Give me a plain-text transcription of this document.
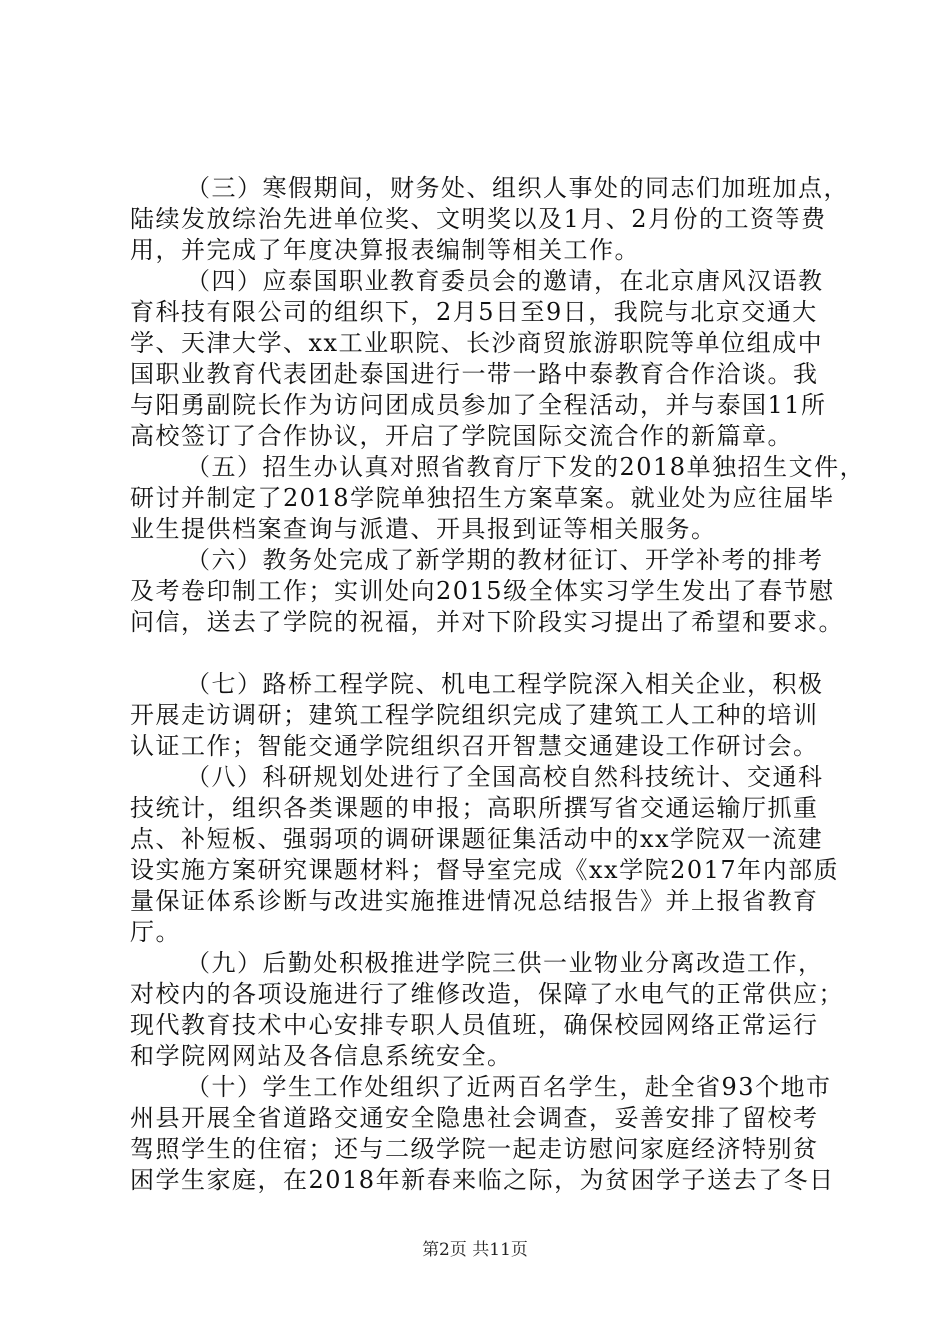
（三）寒假期间，财务处、组织人事处的同志们加班加点，
陆续发放综治先进单位奖、文明奖以及1月、2月份的工资等费
用，并完成了年度决算报表编制等相关工作。
（四）应泰国职业教育委员会的邀请，在北京唐风汉语教
育科技有限公司的组织下，2月5日至9日，我院与北京交通大
学、天津大学、xx工业职院、长沙商贸旅游职院等单位组成中
国职业教育代表团赴泰国进行一带一路中泰教育合作洽谈。我
与阳勇副院长作为访问团成员参加了全程活动，并与泰国11所
高校签订了合作协议，开启了学院国际交流合作的新篇章。
（五）招生办认真对照省教育厅下发的2018单独招生文件，
研讨并制定了2018学院单独招生方案草案。就业处为应往届毕
业生提供档案查询与派遣、开具报到证等相关服务。
（六）教务处完成了新学期的教材征订、开学补考的排考
及考卷印制工作；实训处向2015级全体实习学生发出了春节慰
问信，送去了学院的祝福，并对下阶段实习提出了希望和要求。
（七）路桥工程学院、机电工程学院深入相关企业，积极
开展走访调研；建筑工程学院组织完成了建筑工人工种的培训
认证工作；智能交通学院组织召开智慧交通建设工作研讨会。
（八）科研规划处进行了全国高校自然科技统计、交通科
技统计，组织各类课题的申报；高职所撰写省交通运输厅抓重
点、补短板、强弱项的调研课题征集活动中的xx学院双一流建
设实施方案研究课题材料；督导室完成《xx学院2017年内部质
量保证体系诊断与改进实施推进情况总结报告》并上报省教育
厅。
（九）后勤处积极推进学院三供一业物业分离改造工作，
对校内的各项设施进行了维修改造，保障了水电气的正常供应；
现代教育技术中心安排专职人员值班，确保校园网络正常运行
和学院网网站及各信息系统安全。
（十）学生工作处组织了近两百名学生，赴全省93个地市
州县开展全省道路交通安全隐患社会调查，妥善安排了留校考
驾照学生的住宿；还与二级学院一起走访慰问家庭经济特别贫
困学生家庭，在2018年新春来临之际，为贫困学子送去了冬日
第2页 共11页
